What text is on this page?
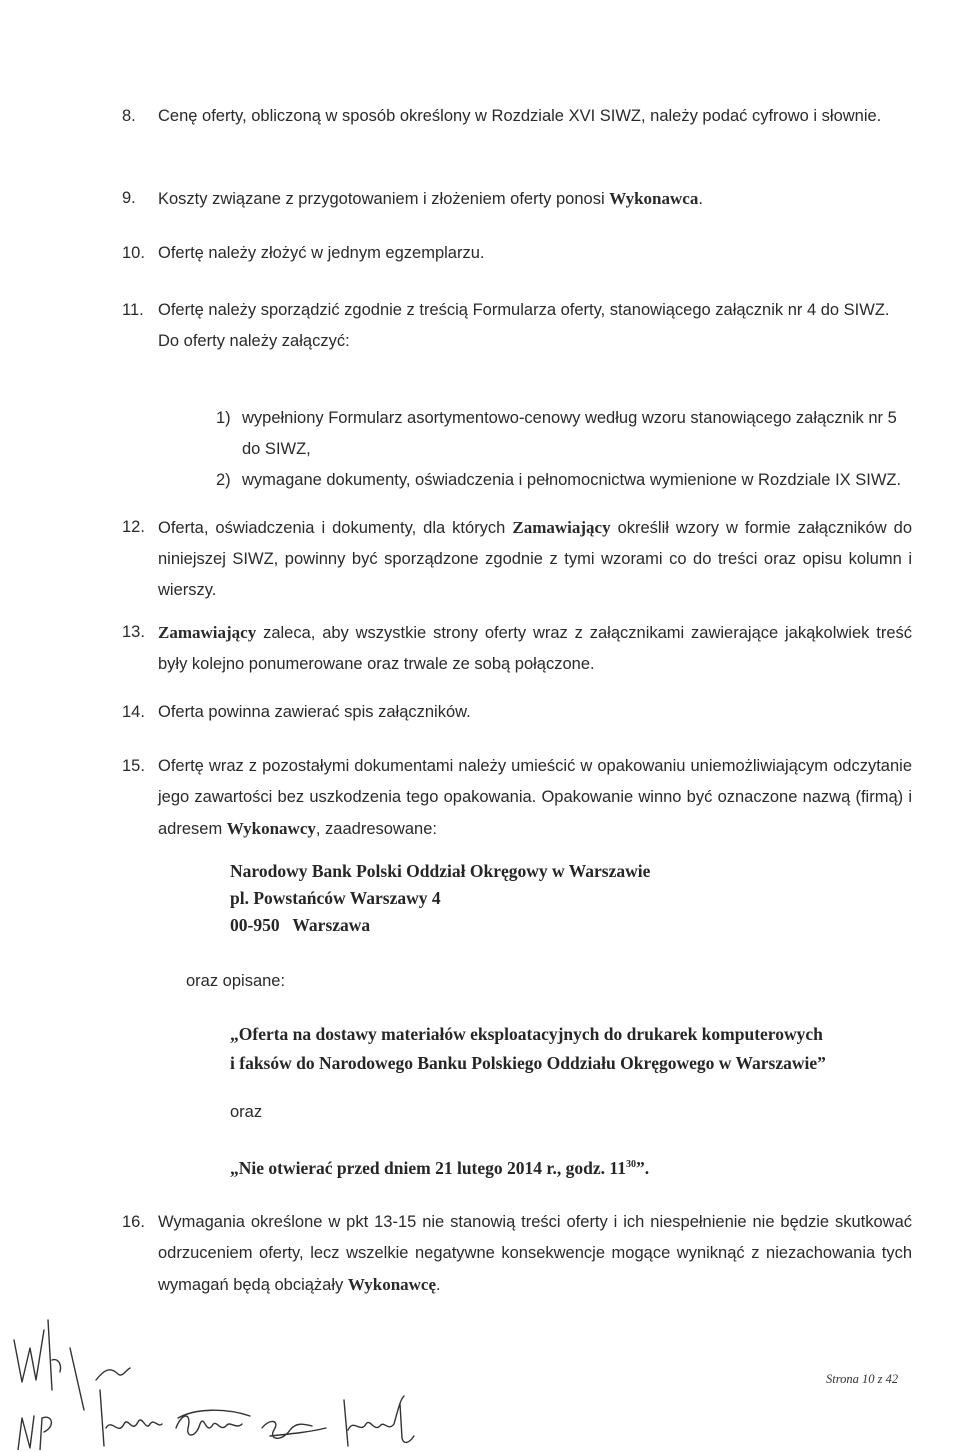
8.	Cenę oferty, obliczoną w sposób określony w Rozdziale XVI SIWZ, należy podać cyfrowo i słownie.
9.	Koszty związane z przygotowaniem i złożeniem oferty ponosi Wykonawca.
10. Ofertę należy złożyć w jednym egzemplarzu.
11. Ofertę należy sporządzić zgodnie z treścią Formularza oferty, stanowiącego załącznik nr 4 do SIWZ.
Do oferty należy załączyć:
1) wypełniony Formularz asortymentowo-cenowy według wzoru stanowiącego załącznik nr 5 do SIWZ,
2) wymagane dokumenty, oświadczenia i pełnomocnictwa wymienione w Rozdziale IX SIWZ.
12. Oferta, oświadczenia i dokumenty, dla których Zamawiający określił wzory w formie załączników do niniejszej SIWZ, powinny być sporządzone zgodnie z tymi wzorami co do treści oraz opisu kolumn i wierszy.
13. Zamawiający zaleca, aby wszystkie strony oferty wraz z załącznikami zawierające jakąkolwiek treść były kolejno ponumerowane oraz trwale ze sobą połączone.
14. Oferta powinna zawierać spis załączników.
15. Ofertę wraz z pozostałymi dokumentami należy umieścić w opakowaniu uniemożliwiającym odczytanie jego zawartości bez uszkodzenia tego opakowania. Opakowanie winno być oznaczone nazwą (firmą) i adresem Wykonawcy, zaadresowane:
Narodowy Bank Polski Oddział Okręgowy w Warszawie
pl. Powstańców Warszawy 4
00-950   Warszawa
oraz opisane:
„Oferta na dostawy materiałów eksploatacyjnych do drukarek komputerowych
i faksów do Narodowego Banku Polskiego Oddziału Okręgowego w Warszawie”
oraz
„Nie otwierać przed dniem 21 lutego 2014 r., godz. $11^{30}$”.
16. Wymagania określone w pkt 13-15 nie stanowią treści oferty i ich niespełnienie nie będzie skutkować odrzuceniem oferty, lecz wszelkie negatywne konsekwencje mogące wyniknąć z niezachowania tych wymagań będą obciążały Wykonawcę.
Strona 10 z 42
